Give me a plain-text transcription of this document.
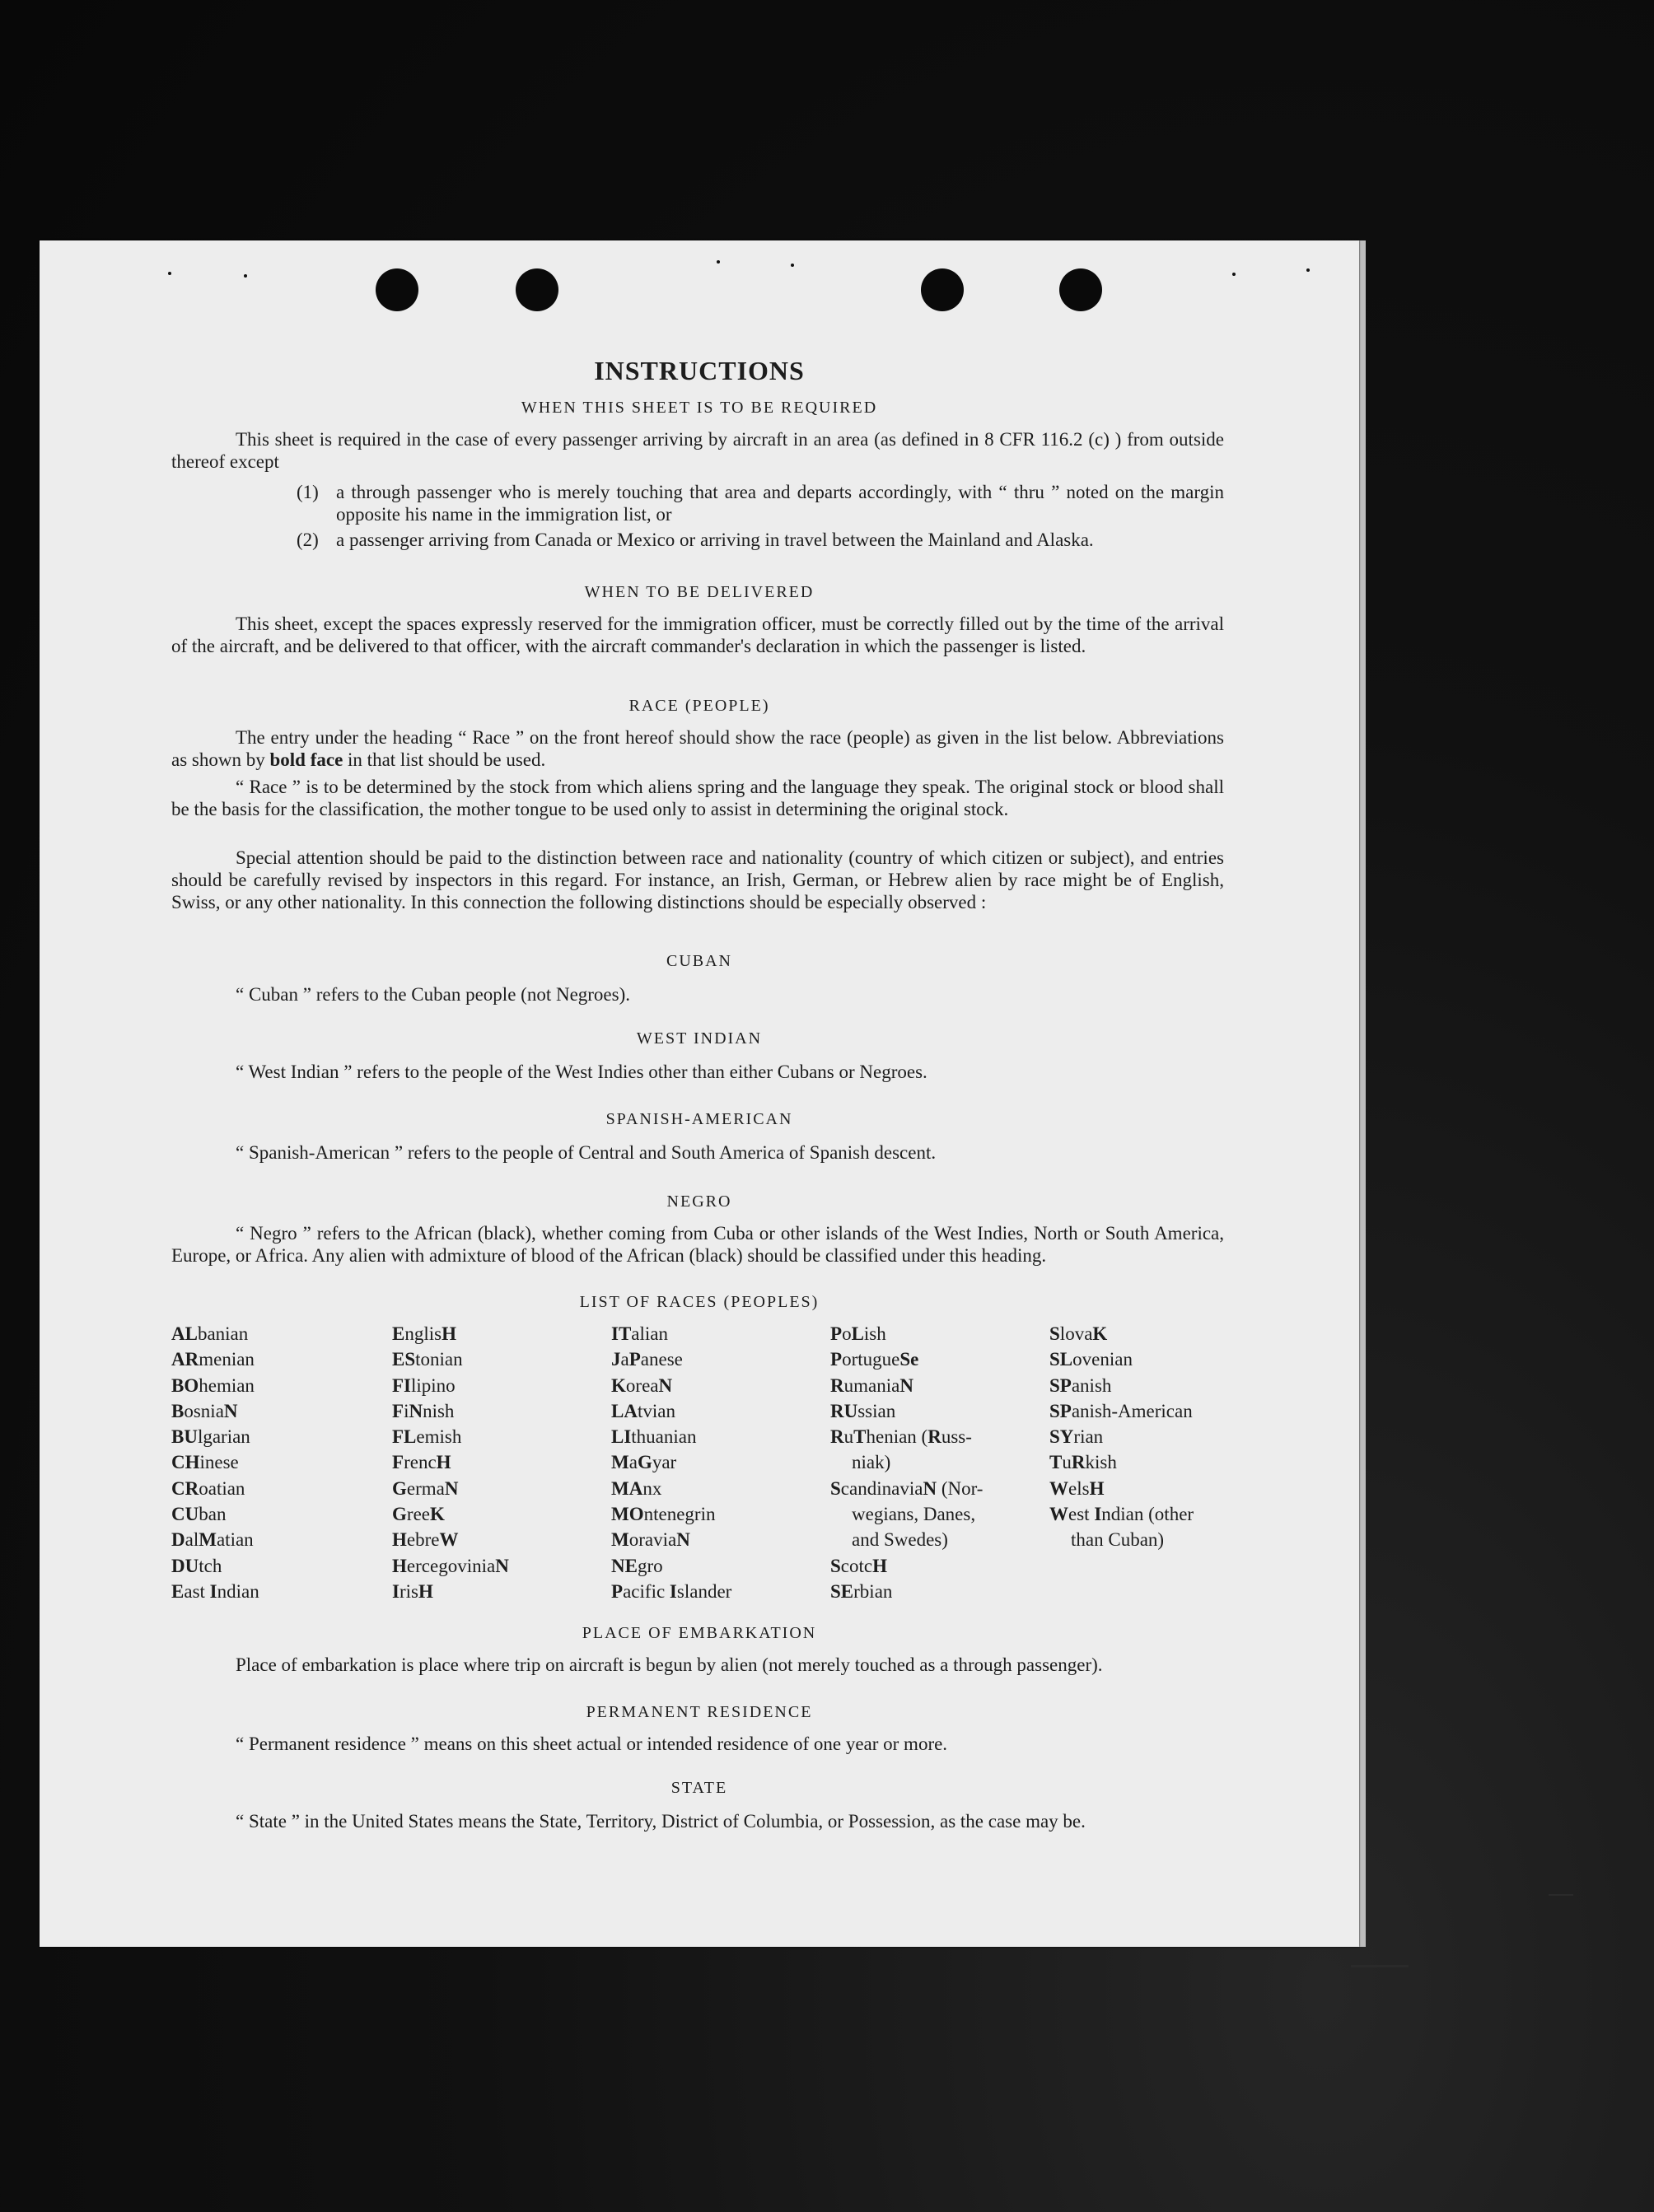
INSTRUCTIONS
WHEN THIS SHEET IS TO BE REQUIRED
This sheet is required in the case of every passenger arriving by aircraft in an area (as defined in 8 CFR 116.2 (c) ) from outside thereof except
(1) a through passenger who is merely touching that area and departs accordingly, with “ thru ” noted on the margin opposite his name in the immigration list, or
(2) a passenger arriving from Canada or Mexico or arriving in travel between the Mainland and Alaska.
WHEN TO BE DELIVERED
This sheet, except the spaces expressly reserved for the immigration officer, must be correctly filled out by the time of the arrival of the aircraft, and be delivered to that officer, with the aircraft commander's declaration in which the passenger is listed.
RACE (PEOPLE)
The entry under the heading “ Race ” on the front hereof should show the race (people) as given in the list below. Abbreviations as shown by bold face in that list should be used.
“ Race ” is to be determined by the stock from which aliens spring and the language they speak. The original stock or blood shall be the basis for the classification, the mother tongue to be used only to assist in determining the original stock.
Special attention should be paid to the distinction between race and nationality (country of which citizen or subject), and entries should be carefully revised by inspectors in this regard. For instance, an Irish, German, or Hebrew alien by race might be of English, Swiss, or any other nationality. In this connection the following distinctions should be especially observed :
CUBAN
“ Cuban ” refers to the Cuban people (not Negroes).
WEST INDIAN
“ West Indian ” refers to the people of the West Indies other than either Cubans or Negroes.
SPANISH-AMERICAN
“ Spanish-American ” refers to the people of Central and South America of Spanish descent.
NEGRO
“ Negro ” refers to the African (black), whether coming from Cuba or other islands of the West Indies, North or South America, Europe, or Africa. Any alien with admixture of blood of the African (black) should be classified under this heading.
LIST OF RACES (PEOPLES)
ALbanian
ARmenian
BOhemian
BosniaN
BUlgarian
CHinese
CRoatian
CUban
DalMatian
DUtch
East Indian
EnglisH
EStonian
FIlipino
FiNnish
FLemish
FrencH
GermaN
GreeK
HebreW
HercegoviniaN
IrisH
ITalian
JaPanese
KoreaN
LAtvian
LIthuanian
MaGyar
MAnx
MOntenegrin
MoraviaN
NEgro
Pacific Islander
PoLish
PortugueSe
RumaniaN
RUssian
RuThenian (Russ-
niak)
ScandinaviaN (Nor-
wegians, Danes,
and Swedes)
ScotcH
SErbian
SlovaK
SLovenian
SPanish
SPanish-American
SYrian
TuRkish
WelsH
West Indian (other
than Cuban)
PLACE OF EMBARKATION
Place of embarkation is place where trip on aircraft is begun by alien (not merely touched as a through passenger).
PERMANENT RESIDENCE
“ Permanent residence ” means on this sheet actual or intended residence of one year or more.
STATE
“ State ” in the United States means the State, Territory, District of Columbia, or Possession, as the case may be.
